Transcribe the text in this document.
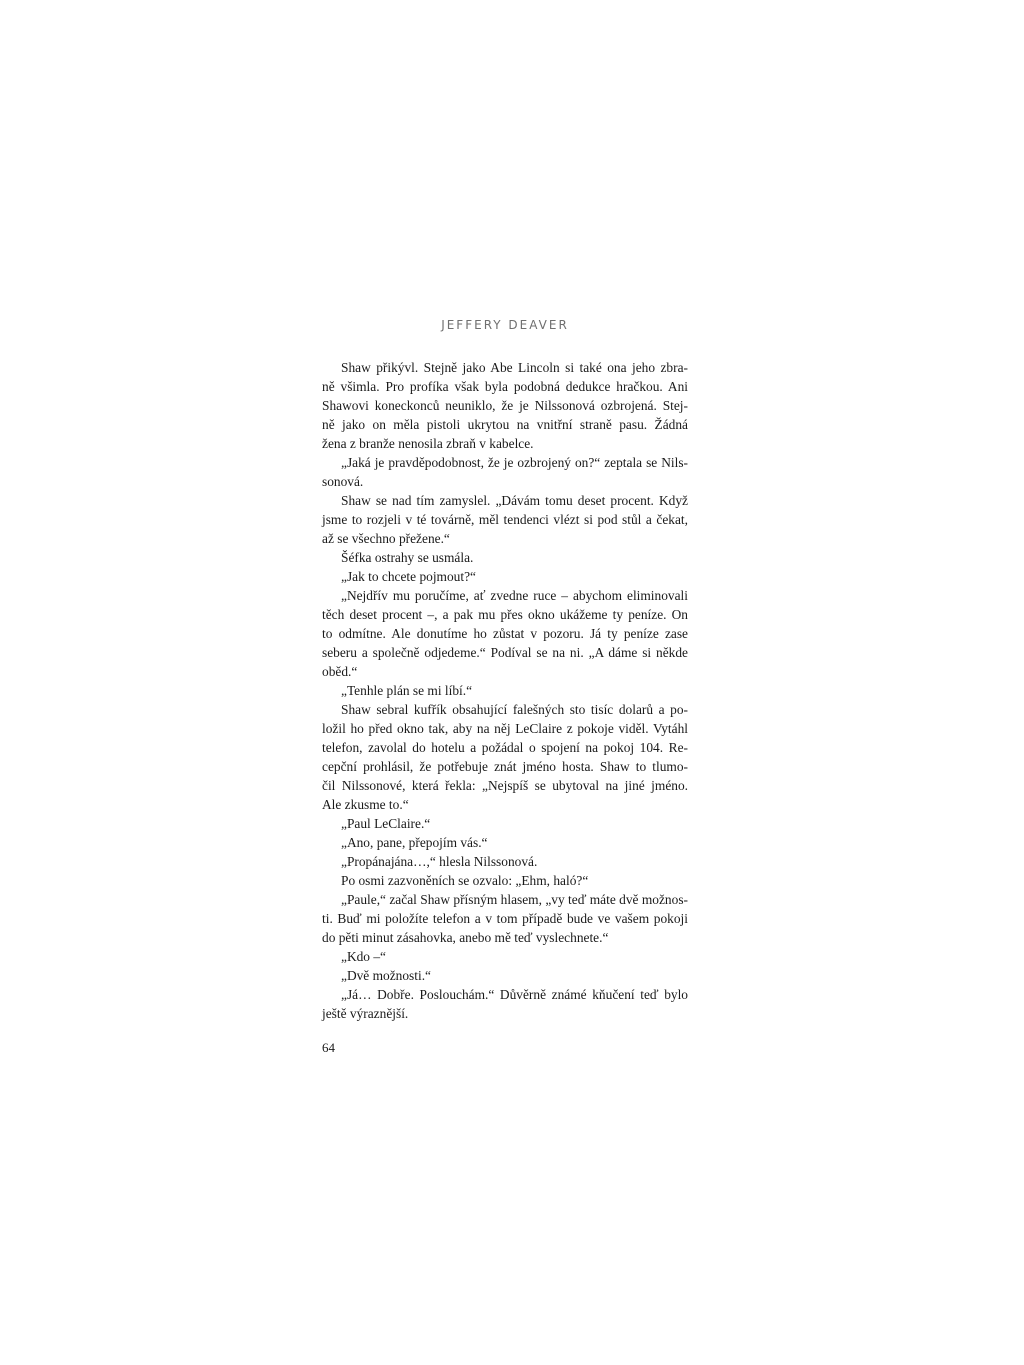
JEFFERY DEAVER
Shaw přikývl. Stejně jako Abe Lincoln si také ona jeho zbra-
ně všimla. Pro profíka však byla podobná dedukce hračkou. Ani
Shawovi koneckonců neuniklo, že je Nilssonová ozbrojená. Stej-
ně jako on měla pistoli ukrytou na vnitřní straně pasu. Žádná
žena z branže nenosila zbraň v kabelce.
„Jaká je pravděpodobnost, že je ozbrojený on?“ zeptala se Nils-
sonová.
Shaw se nad tím zamyslel. „Dávám tomu deset procent. Když
jsme to rozjeli v té továrně, měl tendenci vlézt si pod stůl a čekat,
až se všechno přežene.“
Šéfka ostrahy se usmála.
„Jak to chcete pojmout?“
„Nejdřív mu poručíme, ať zvedne ruce – abychom eliminovali
těch deset procent –, a pak mu přes okno ukážeme ty peníze. On
to odmítne. Ale donutíme ho zůstat v pozoru. Já ty peníze zase
seberu a společně odjedeme.“ Podíval se na ni. „A dáme si někde
oběd.“
„Tenhle plán se mi líbí.“
Shaw sebral kufřík obsahující falešných sto tisíc dolarů a po-
ložil ho před okno tak, aby na něj LeClaire z pokoje viděl. Vytáhl
telefon, zavolal do hotelu a požádal o spojení na pokoj 104. Re-
cepční prohlásil, že potřebuje znát jméno hosta. Shaw to tlumo-
čil Nilssonové, která řekla: „Nejspíš se ubytoval na jiné jméno.
Ale zkusme to.“
„Paul LeClaire.“
„Ano, pane, přepojím vás.“
„Propánajána…,“ hlesla Nilssonová.
Po osmi zazvoněních se ozvalo: „Ehm, haló?“
„Paule,“ začal Shaw přísným hlasem, „vy teď máte dvě možnos-
ti. Buď mi položíte telefon a v tom případě bude ve vašem pokoji
do pěti minut zásahovka, anebo mě teď vyslechnete.“
„Kdo –“
„Dvě možnosti.“
„Já… Dobře. Poslouchám.“ Důvěrně známé kňučení teď bylo
ještě výraznější.
64
